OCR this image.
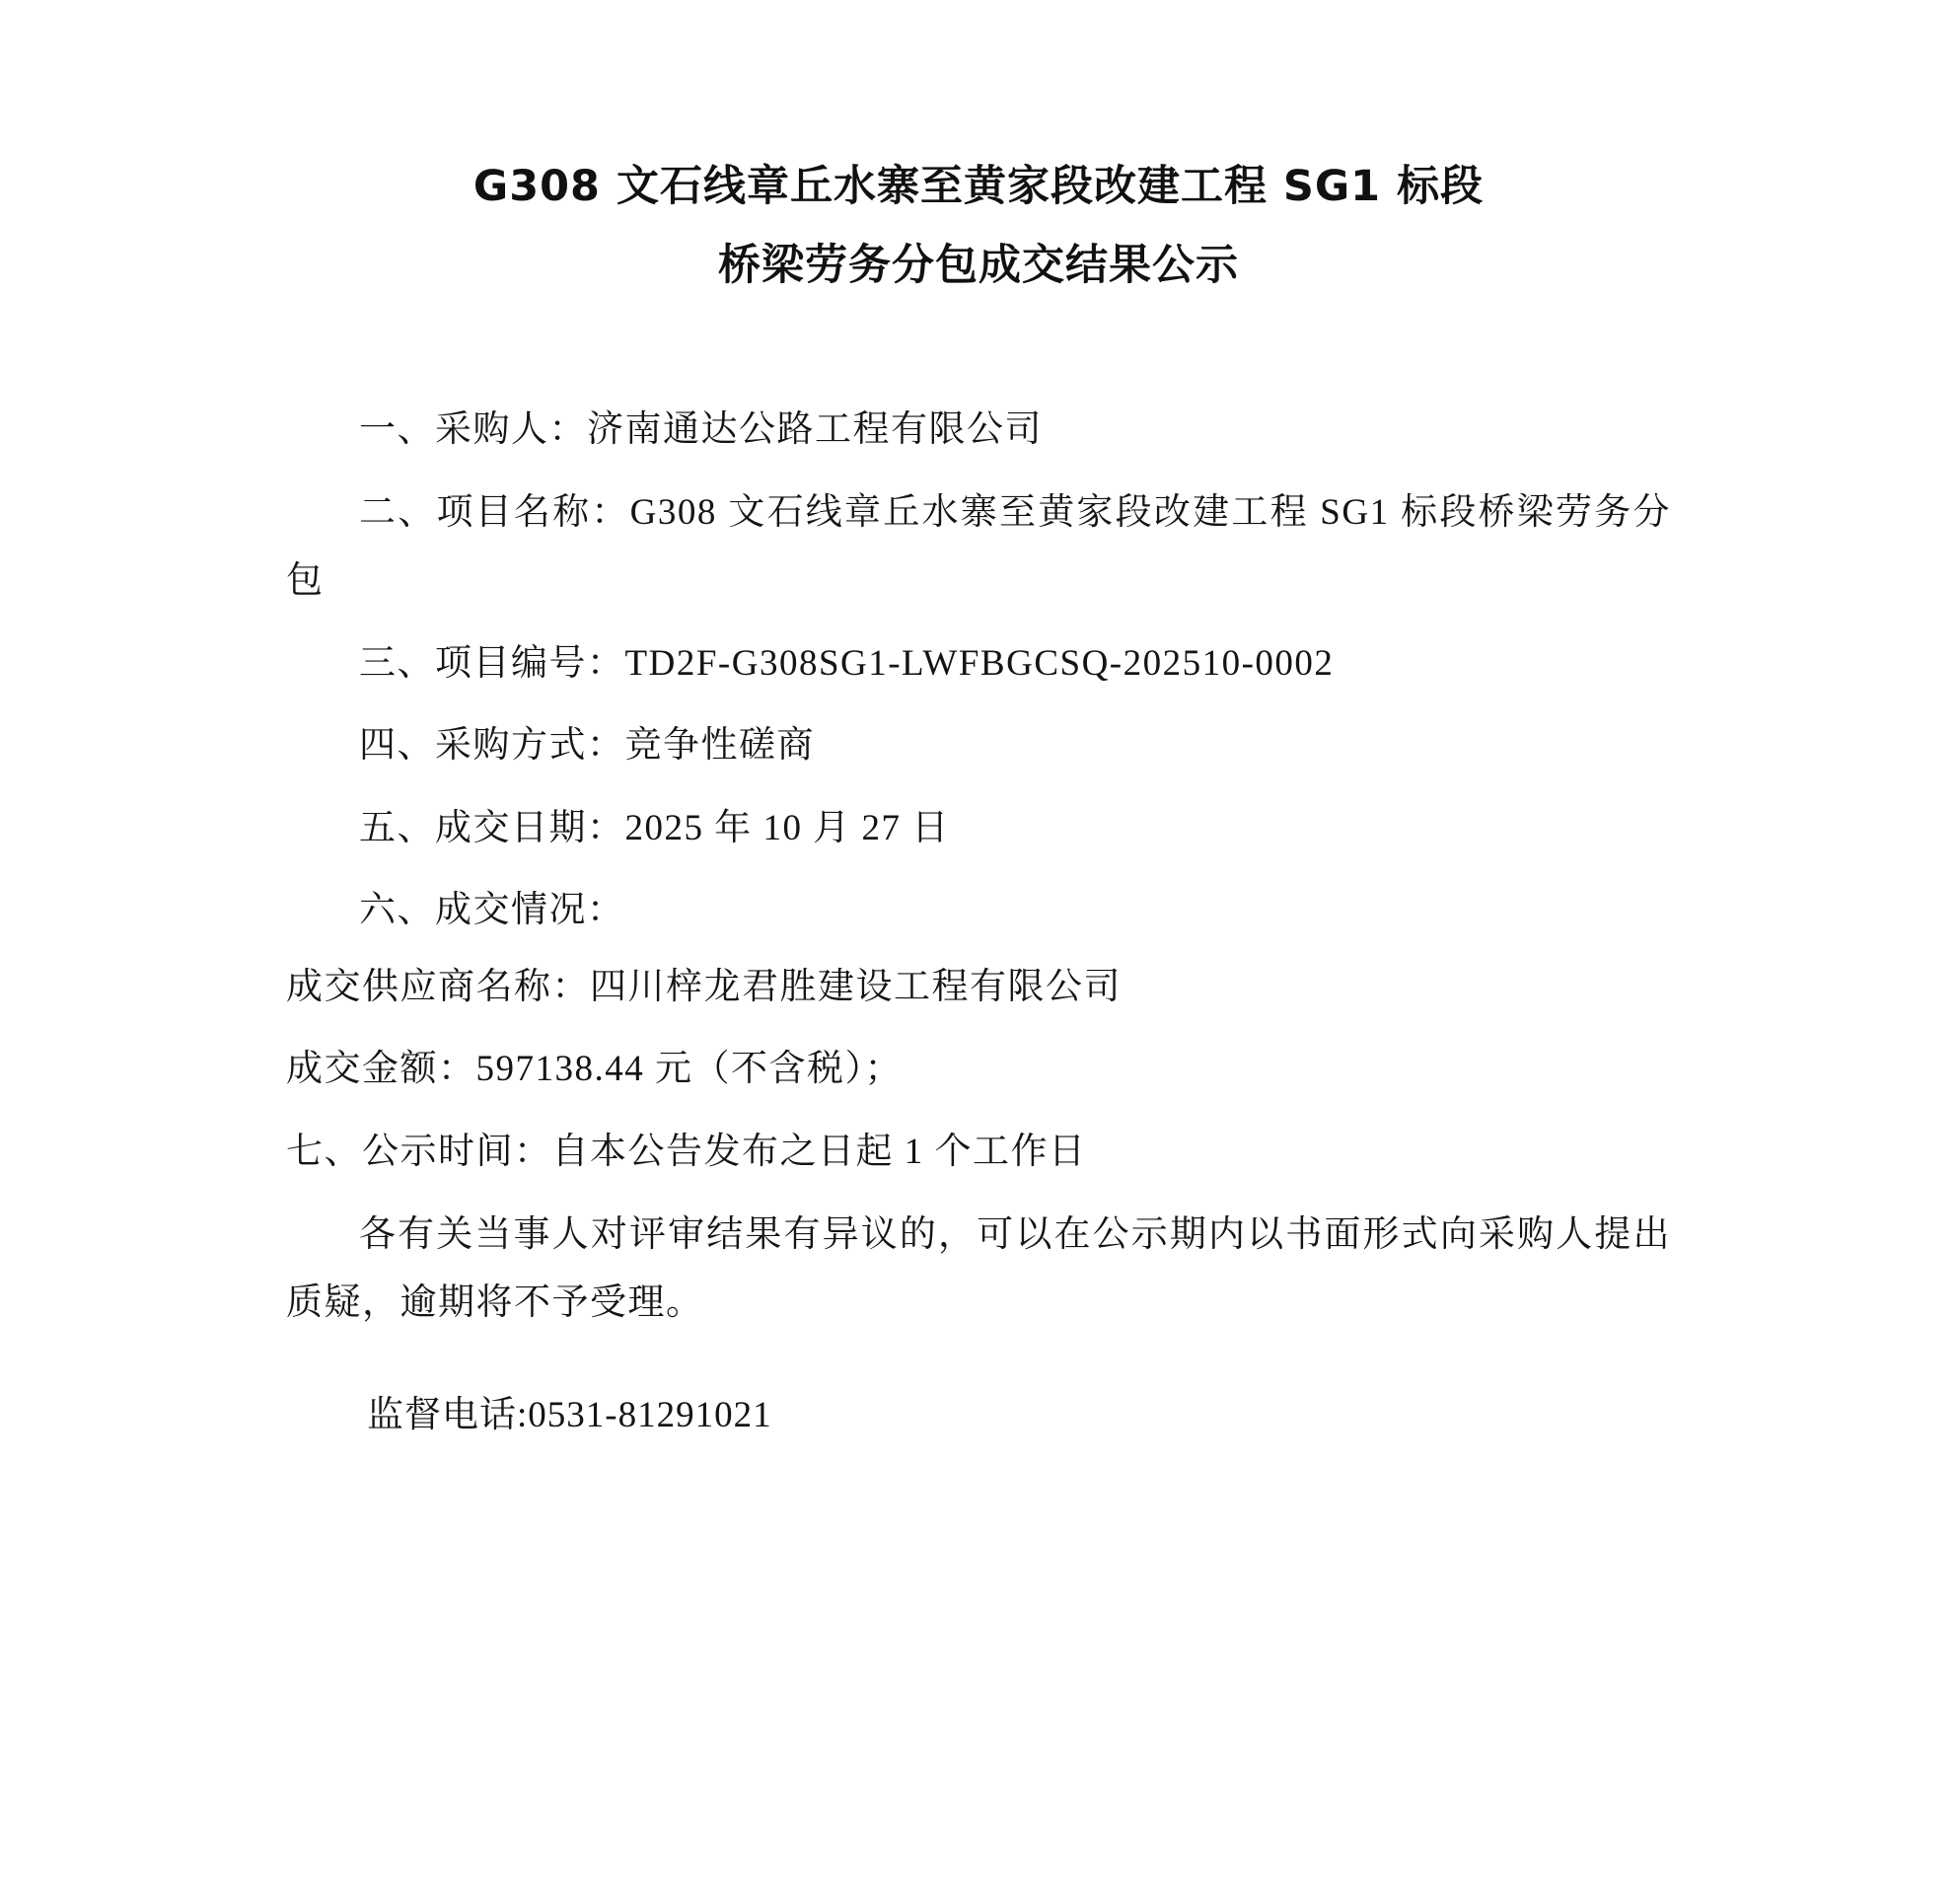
G308 文石线章丘水寨至黄家段改建工程 SG1 标段
桥梁劳务分包成交结果公示

一、采购人：济南通达公路工程有限公司

二、项目名称：G308 文石线章丘水寨至黄家段改建工程 SG1 标段桥梁劳务分包

三、项目编号：TD2F-G308SG1-LWFBGCSQ-202510-0002

四、采购方式：竞争性磋商

五、成交日期：2025 年 10 月 27 日

六、成交情况：

成交供应商名称：四川梓龙君胜建设工程有限公司

成交金额：597138.44 元（不含税）；

七、公示时间：自本公告发布之日起 1 个工作日

各有关当事人对评审结果有异议的，可以在公示期内以书面形式向采购人提出质疑，逾期将不予受理。

监督电话:0531-81291021
